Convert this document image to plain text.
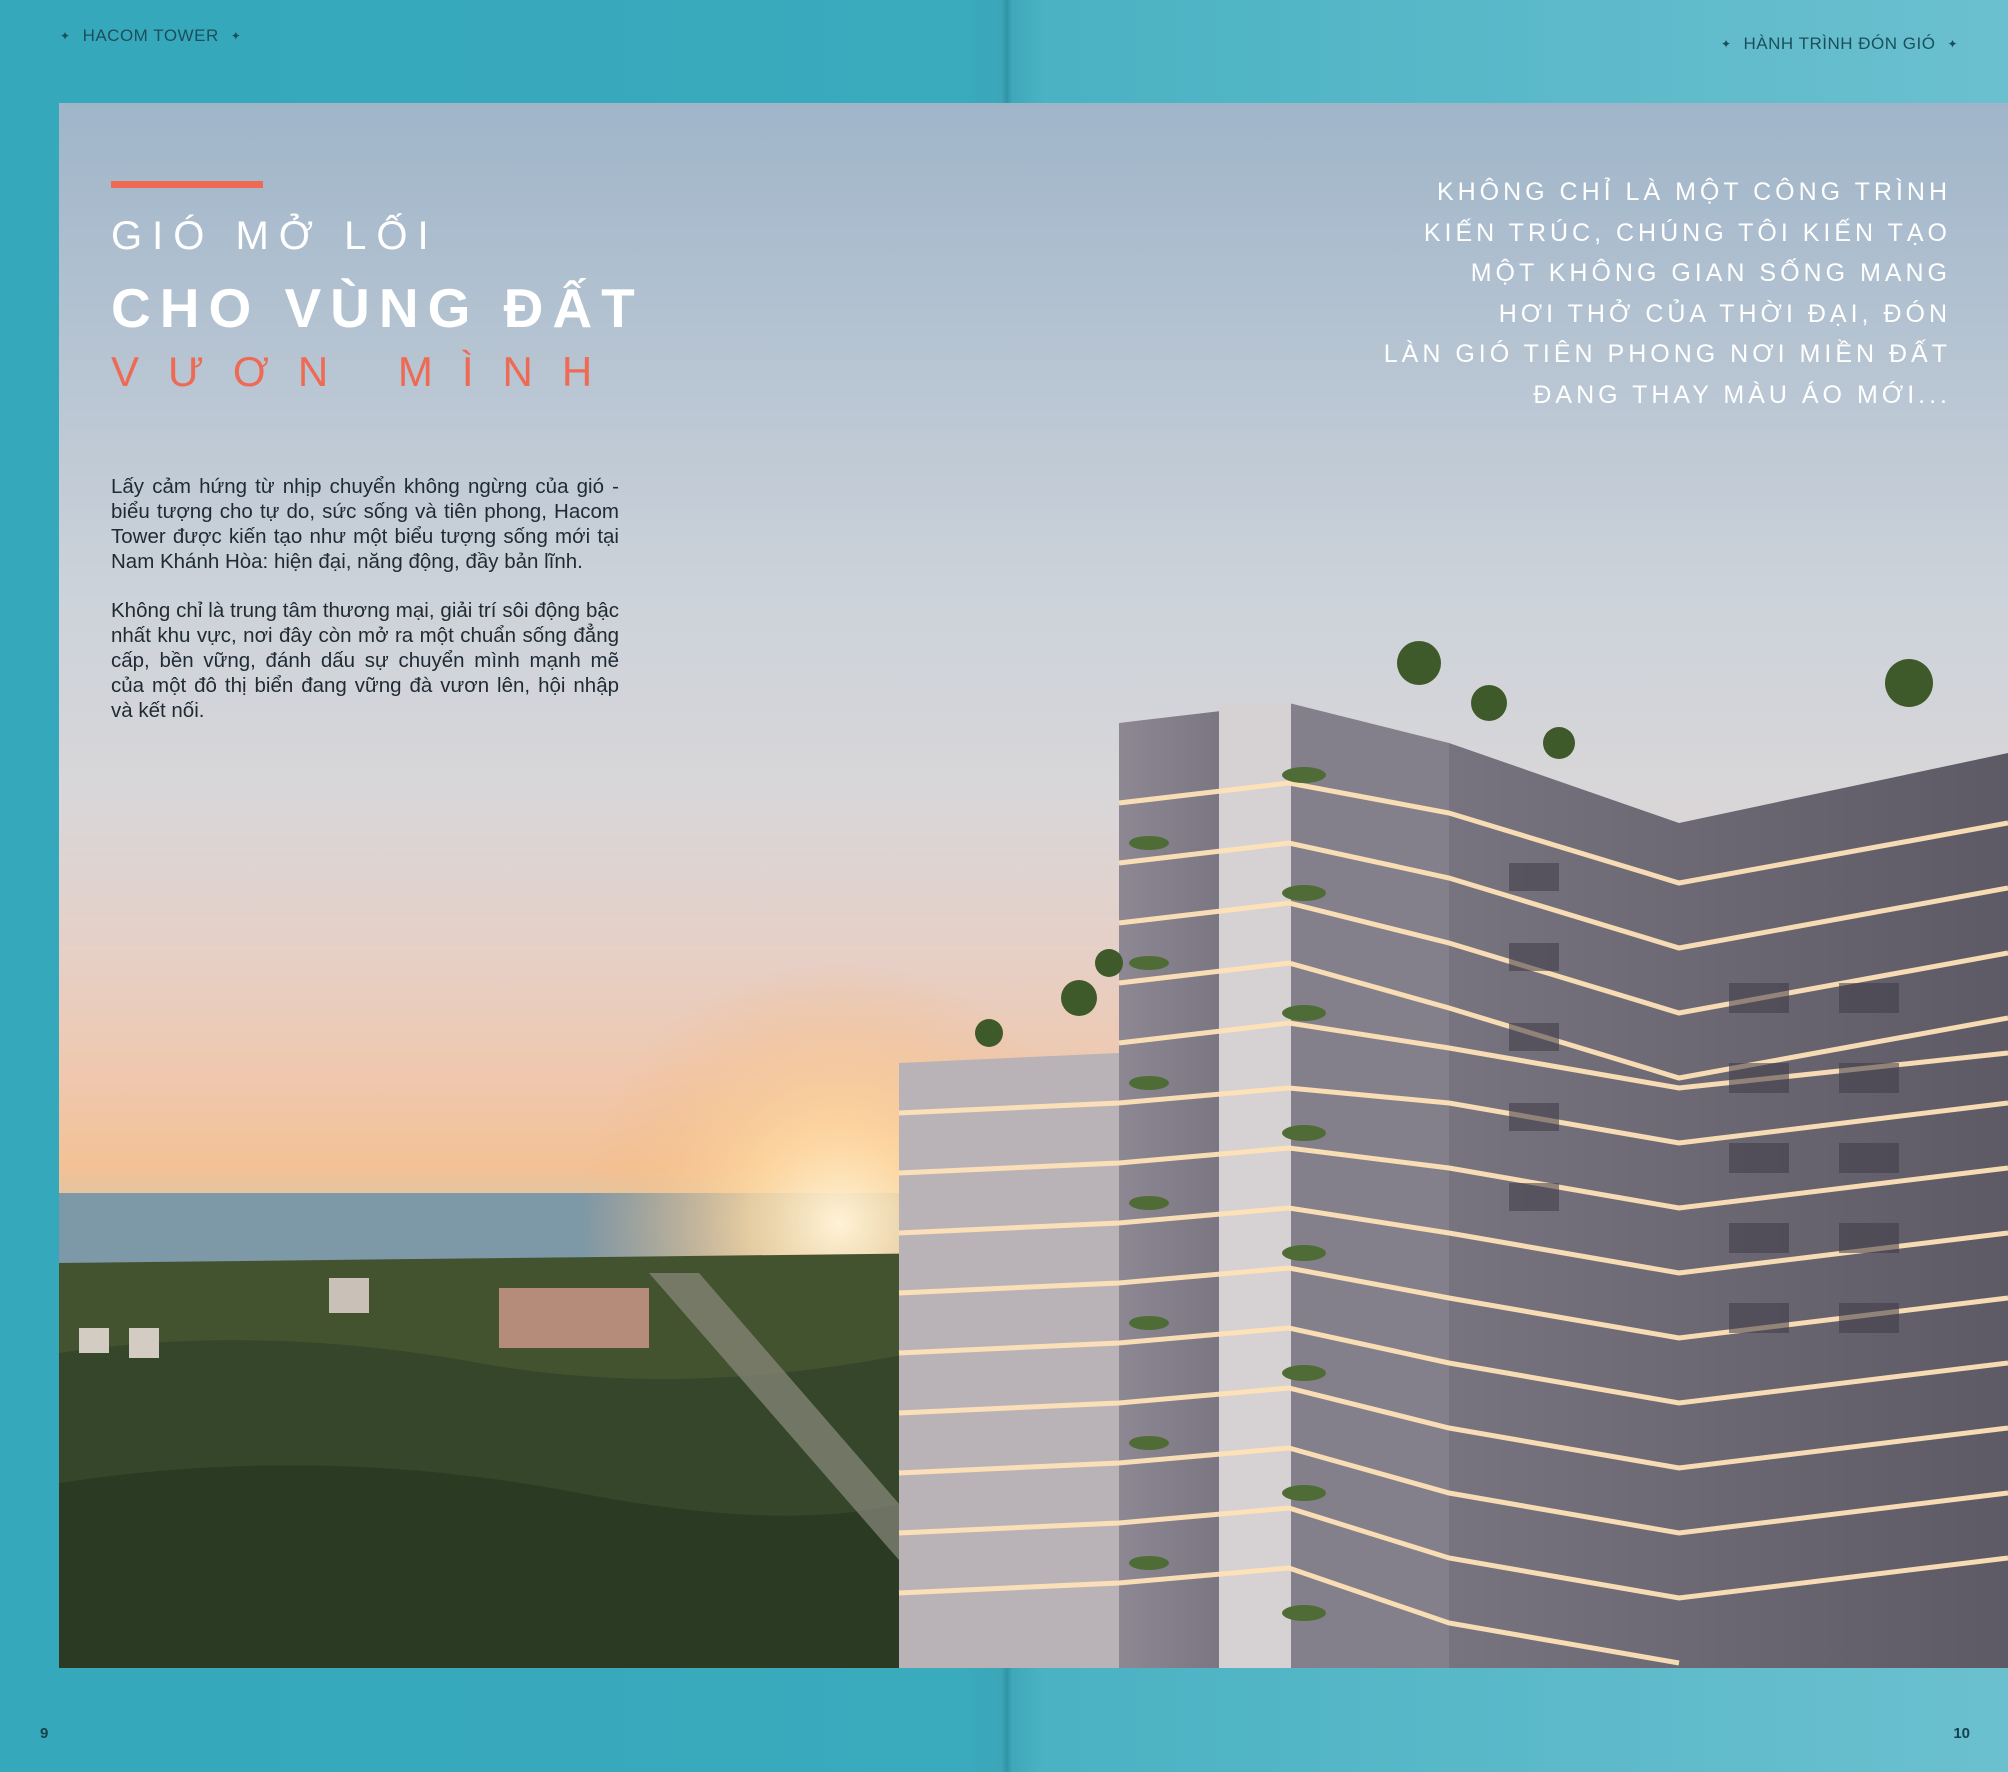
✦ HACOM TOWER ✦
✦ HÀNH TRÌNH ĐÓN GIÓ ✦
GIÓ MỞ LỐI
CHO VÙNG ĐẤT
VƯƠN MÌNH

Lấy cảm hứng từ nhịp chuyển không ngừng của gió - biểu tượng cho tự do, sức sống và tiên phong, Hacom Tower được kiến tạo như một biểu tượng sống mới tại Nam Khánh Hòa: hiện đại, năng động, đầy bản lĩnh.

Không chỉ là trung tâm thương mại, giải trí sôi động bậc nhất khu vực, nơi đây còn mở ra một chuẩn sống đẳng cấp, bền vững, đánh dấu sự chuyển mình mạnh mẽ của một đô thị biển đang vững đà vươn lên, hội nhập và kết nối.

KHÔNG CHỈ LÀ MỘT CÔNG TRÌNH
KIẾN TRÚC, CHÚNG TÔI KIẾN TẠO
MỘT KHÔNG GIAN SỐNG MANG
HƠI THỞ CỦA THỜI ĐẠI, ĐÓN
LÀN GIÓ TIÊN PHONG NƠI MIỀN ĐẤT
ĐANG THAY MÀU ÁO MỚI...
9	10
